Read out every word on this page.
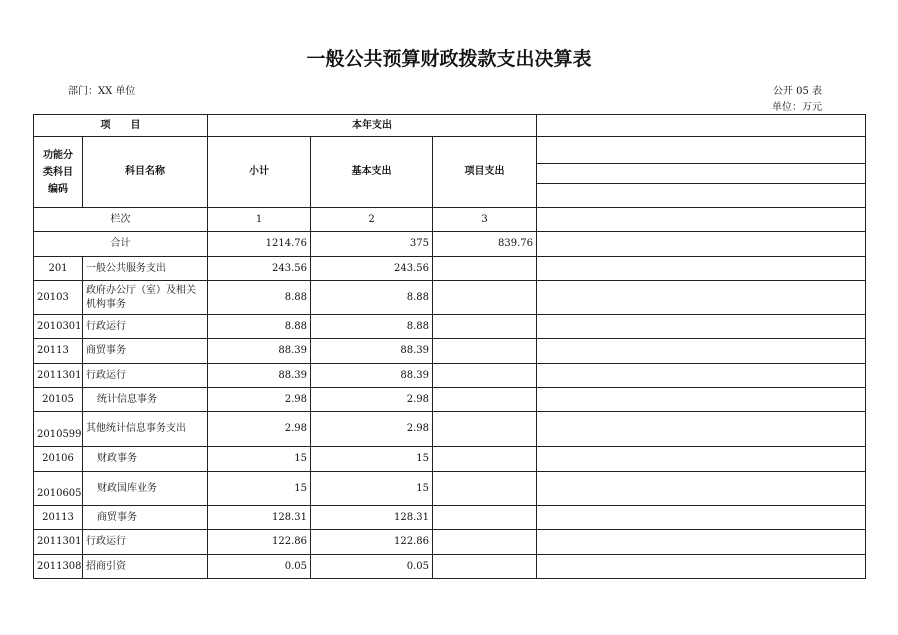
一般公共预算财政拨款支出决算表
部门：XX 单位	公开 05 表
单位：万元
项　　目		本年支出			
功能分类科目编码	科目名称	小计	基本支出	项目支出	

栏次		1	2	3	
合计		1214.76	375	839.76	
201	一般公共服务支出	243.56	243.56		
20103	政府办公厅（室）及相关机构事务	8.88	8.88		
2010301	行政运行	8.88	8.88		
20113	商贸事务	88.39	88.39		
2011301	行政运行	88.39	88.39		
20105	统计信息事务	2.98	2.98		
2010599	其他统计信息事务支出	2.98	2.98		
20106	财政事务	15	15		
2010605	财政国库业务	15	15		
20113	商贸事务	128.31	128.31		
2011301	行政运行	122.86	122.86		
2011308	招商引资	0.05	0.05		
